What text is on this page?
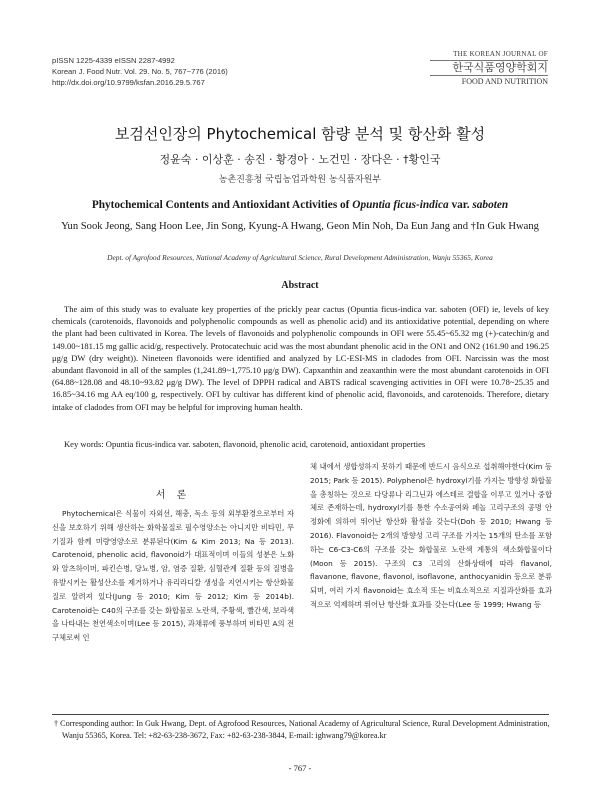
pISSN 1225-4339 eISSN 2287-4992
Korean J. Food Nutr. Vol. 29. No. 5, 767~776 (2016)
http://dx.doi.org/10.9799/ksfan.2016.29.5.767
THE KOREAN JOURNAL OF
한국식품영양학회지
FOOD AND NUTRITION
보검선인장의 Phytochemical 함량 분석 및 항산화 활성
정윤숙 · 이상훈 · 송진 · 황경아 · 노건민 · 장다은 · †황인국
농촌진흥청 국립농업과학원 농식품자원부
Phytochemical Contents and Antioxidant Activities of Opuntia ficus-indica var. saboten
Yun Sook Jeong, Sang Hoon Lee, Jin Song, Kyung-A Hwang, Geon Min Noh, Da Eun Jang and †In Guk Hwang
Dept. of Agrofood Resources, National Academy of Agricultural Science, Rural Development Administration, Wanju 55365, Korea
Abstract

The aim of this study was to evaluate key properties of the prickly pear cactus (Opuntia ficus-indica var. saboten (OFI) ie, levels of key chemicals (carotenoids, flavonoids and polyphenolic compounds as well as phenolic acid) and its antioxidative potential, depending on where the plant had been cultivated in Korea. The levels of flavonoids and polyphenolic compounds in OFI were 55.45~65.32 mg (+)-catechin/g and 149.00~181.15 mg gallic acid/g, respectively. Protocatechuic acid was the most abundant phenolic acid in the ON1 and ON2 (161.90 and 196.25 μg/g DW (dry weight)). Nineteen flavonoids were identified and analyzed by LC-ESI-MS in cladodes from OFI. Narcissin was the most abundant flavonoid in all of the samples (1,241.89~1,775.10 μg/g DW). Capxanthin and zeaxanthin were the most abundant carotenoids in OFI (64.88~128.08 and 48.10~93.82 μg/g DW). The level of DPPH radical and ABTS radical scavenging activities in OFI were 10.78~25.35 and 16.85~34.16 mg AA eq/100 g, respectively. OFI by cultivar has different kind of phenolic acid, flavonoids, and carotenoids. Therefore, dietary intake of cladodes from OFI may be helpful for improving human health.

Key words: Opuntia ficus-indica var. saboten, flavonoid, phenolic acid, carotenoid, antioxidant properties

서 론

Phytochemical은 식물이 자외선, 해충, 독소 등의 외부환경으로부터 자신을 보호하기 위해 생산하는 화학물질로 필수영양소는 아니지만 비타민, 무기질과 함께 미량영양소로 분류된다(Kim & Kim 2013; Na 등 2013). Carotenoid, phenolic acid, flavonoid가 대표적이며 이들의 성분은 노화와 알츠하이머, 파킨슨병, 당뇨병, 암, 염증 질환, 심혈관계 질환 등의 질병을 유발시키는 활성산소를 제거하거나 유리라디칼 생성을 지연시키는 항산화물질로 알려져 있다(Jung 등 2010; Kim 등 2012; Kim 등 2014b). Carotenoid는 C40의 구조를 갖는 화합물로 노란색, 주황색, 빨간색, 보라색을 나타내는 천연색소이며(Lee 등 2015), 과채류에 풍부하며 비타민 A의 전구체로써 인

체 내에서 생합성하지 못하기 때문에 반드시 음식으로 섭취해야한다(Kim 등 2015; Park 등 2015). Polyphenol은 hydroxyl기를 가지는 방향성 화합물을 총칭하는 것으로 다당류나 리그닌과 에스테르 결합을 이루고 있거나 중합체로 존재하는데, hydroxyl기를 통한 수소공여와 페놀 고리구조의 공명 안정화에 의하여 뛰어난 항산화 활성을 갖는다(Doh 등 2010; Hwang 등 2016). Flavonoid는 2개의 방향성 고리 구조를 가지는 15개의 탄소를 포함하는 C6-C3-C6의 구조를 갖는 화합물로 노란색 계통의 색소화합물이다(Moon 등 2015). 구조의 C3 고리의 산화상태에 따라 flavanol, flavanone, flavone, flavonol, isoflavone, anthocyanidin 등으로 분류되며, 여러 가지 flavonoid는 효소적 또는 비효소적으로 지질과산화를 효과적으로 억제하며 뛰어난 항산화 효과를 갖는다(Lee 등 1999; Hwang 등

† Corresponding author: In Guk Hwang, Dept. of Agrofood Resources, National Academy of Agricultural Science, Rural Development Administration, Wanju 55365, Korea. Tel: +82-63-238-3672, Fax: +82-63-238-3844, E-mail: ighwang79@korea.kr

- 767 -
